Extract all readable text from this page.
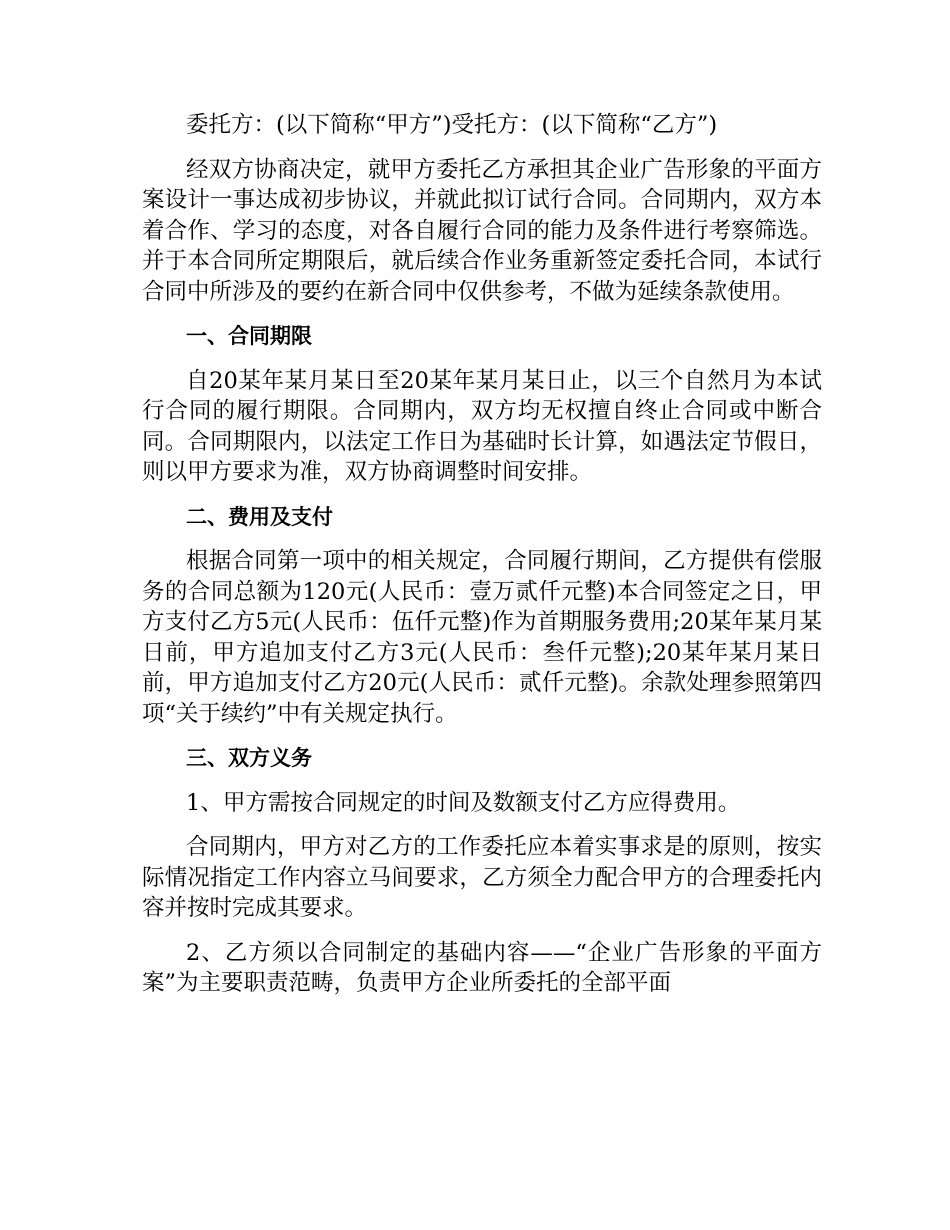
委托方：(以下简称“甲方”)受托方：(以下简称“乙方”)

经双方协商决定，就甲方委托乙方承担其企业广告形象的平面方案设计一事达成初步协议，并就此拟订试行合同。合同期内，双方本着合作、学习的态度，对各自履行合同的能力及条件进行考察筛选。并于本合同所定期限后，就后续合作业务重新签定委托合同，本试行合同中所涉及的要约在新合同中仅供参考，不做为延续条款使用。

一、合同期限

自20某年某月某日至20某年某月某日止，以三个自然月为本试行合同的履行期限。合同期内，双方均无权擅自终止合同或中断合同。合同期限内，以法定工作日为基础时长计算，如遇法定节假日，则以甲方要求为准，双方协商调整时间安排。

二、费用及支付

根据合同第一项中的相关规定，合同履行期间，乙方提供有偿服务的合同总额为120元(人民币：壹万贰仟元整)本合同签定之日，甲方支付乙方5元(人民币：伍仟元整)作为首期服务费用;20某年某月某日前，甲方追加支付乙方3元(人民币：叁仟元整);20某年某月某日前，甲方追加支付乙方20元(人民币：贰仟元整)。余款处理参照第四项“关于续约”中有关规定执行。

三、双方义务

1、甲方需按合同规定的时间及数额支付乙方应得费用。

合同期内，甲方对乙方的工作委托应本着实事求是的原则，按实际情况指定工作内容立马间要求，乙方须全力配合甲方的合理委托内容并按时完成其要求。

2、乙方须以合同制定的基础内容——“企业广告形象的平面方案”为主要职责范畴，负责甲方企业所委托的全部平面
